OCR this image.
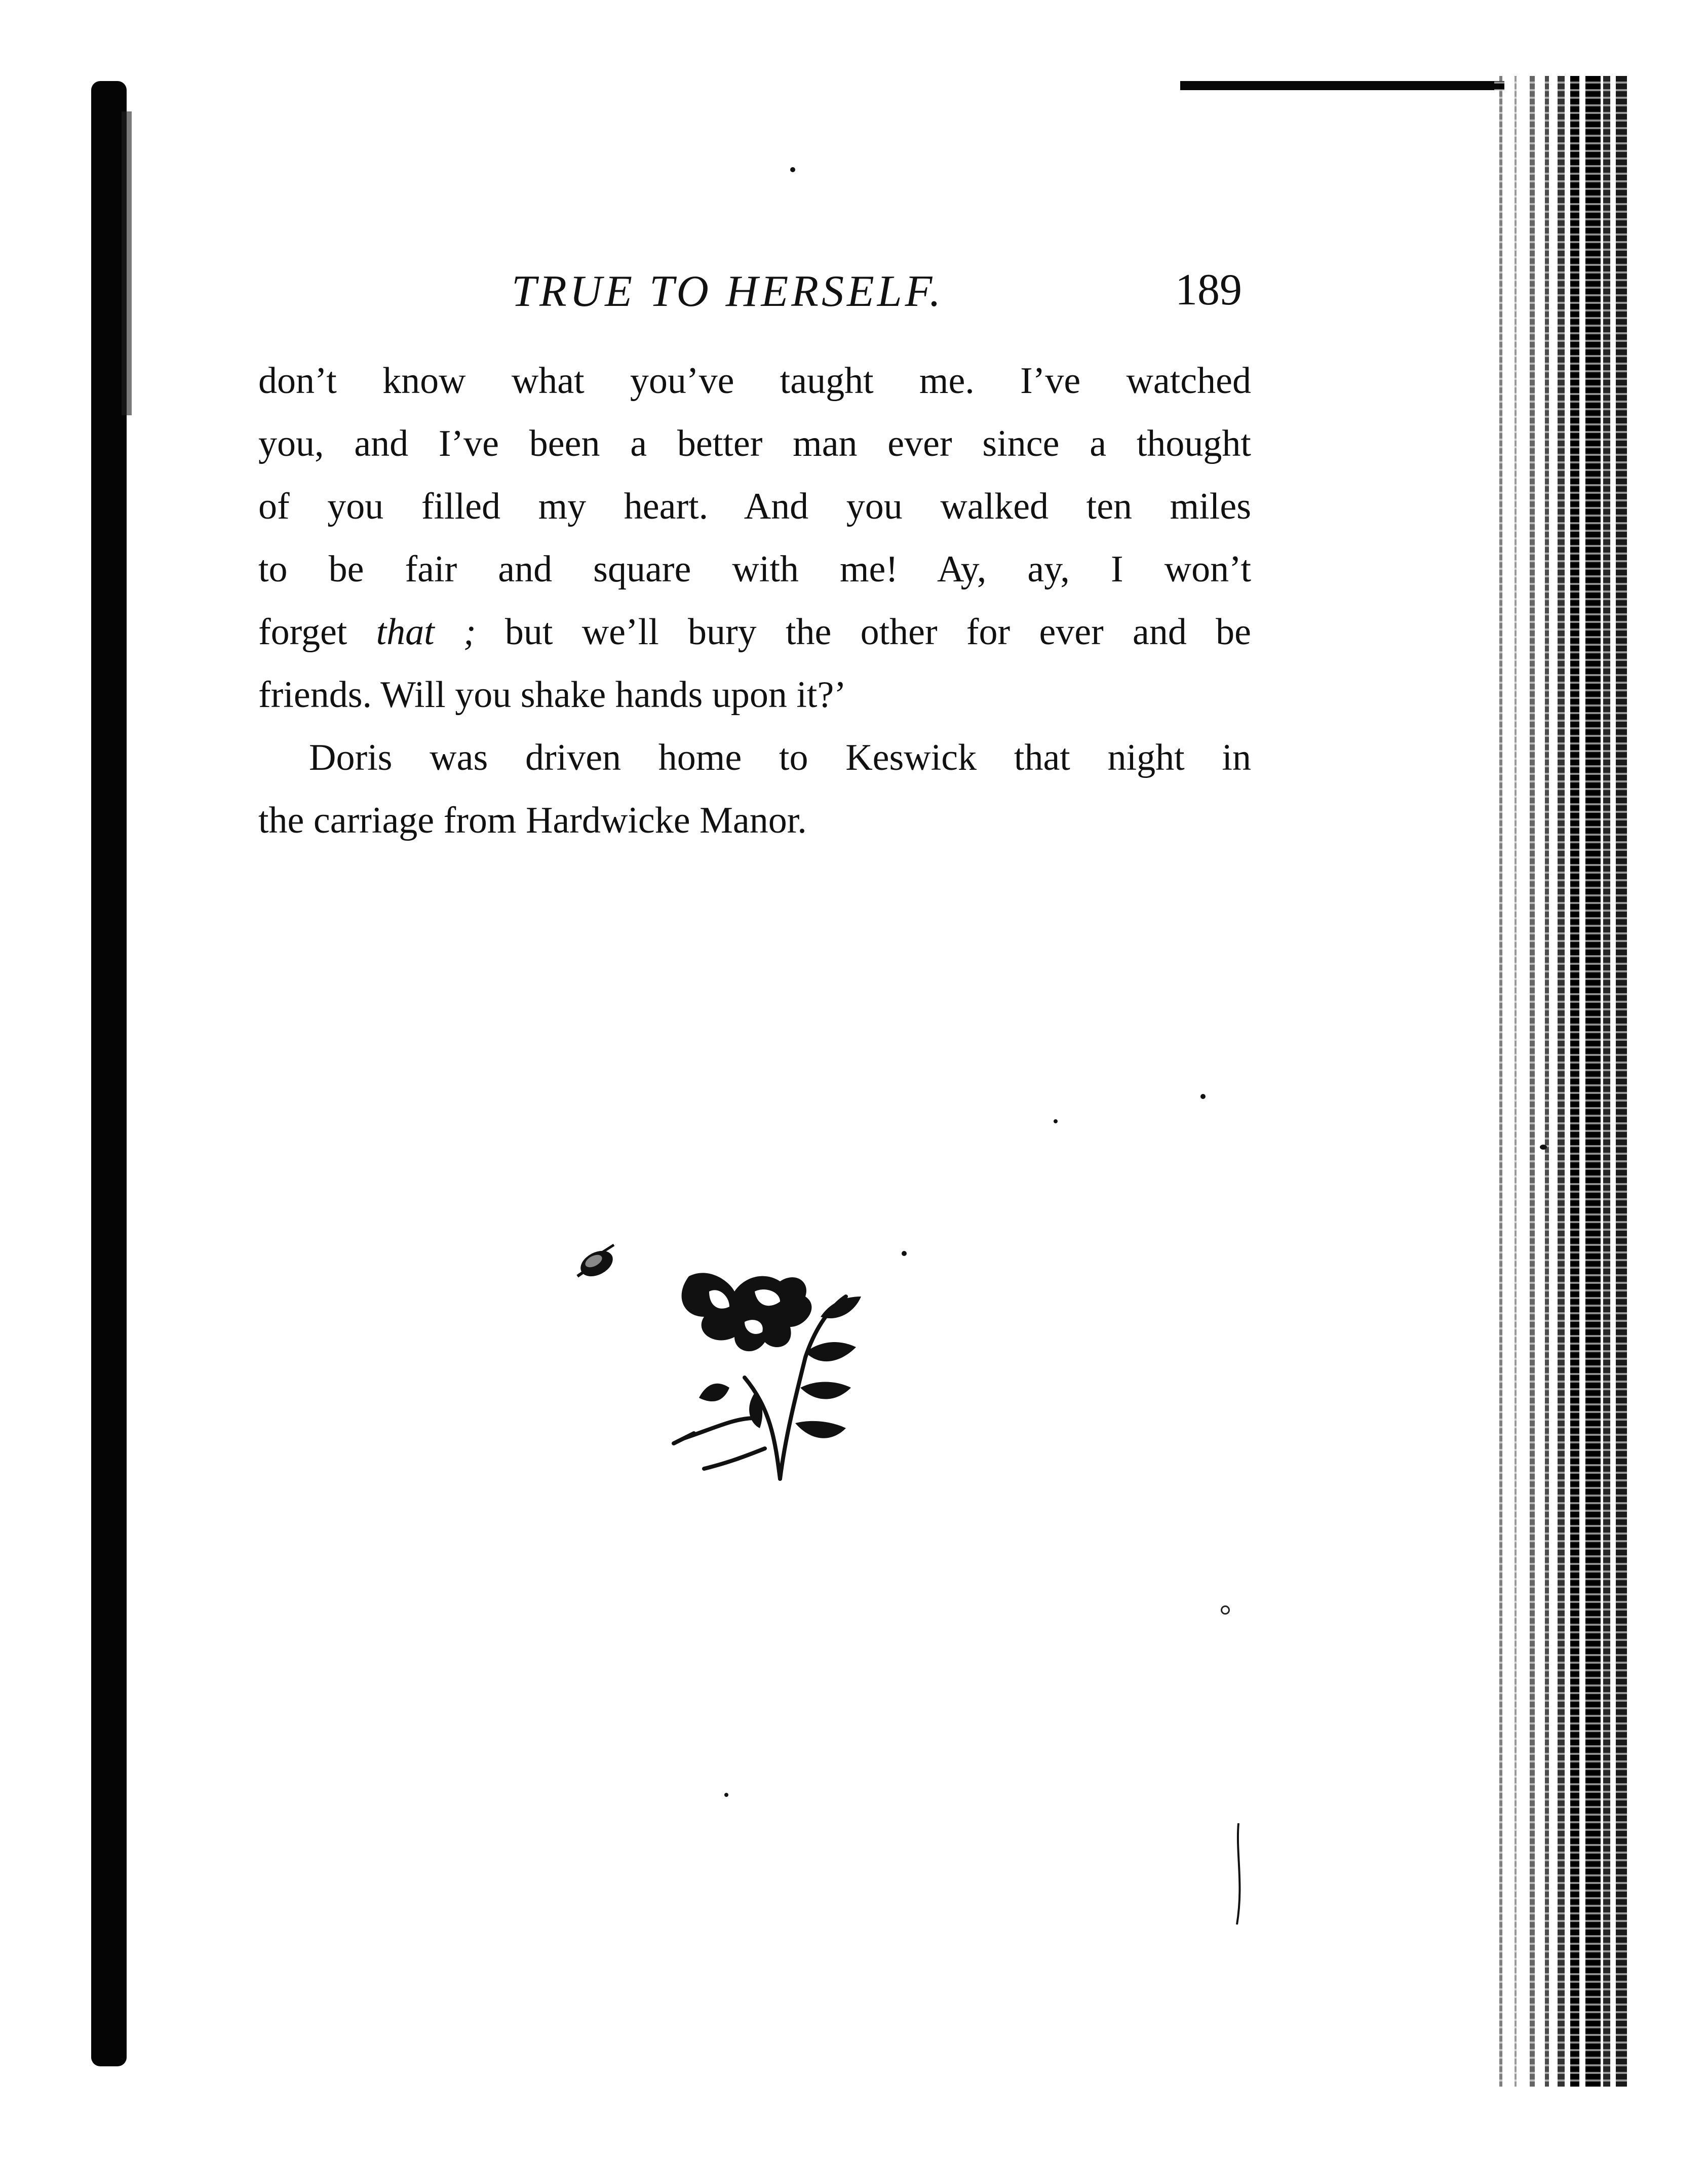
TRUE TO HERSELF.	189
don’t know what you’ve taught me. I’ve watched
you, and I’ve been a better man ever since a thought
of you filled my heart. And you walked ten miles
to be fair and square with me! Ay, ay, I won’t
forget that ; but we’ll bury the other for ever and be
friends. Will you shake hands upon it?’
Doris was driven home to Keswick that night in
the carriage from Hardwicke Manor.
